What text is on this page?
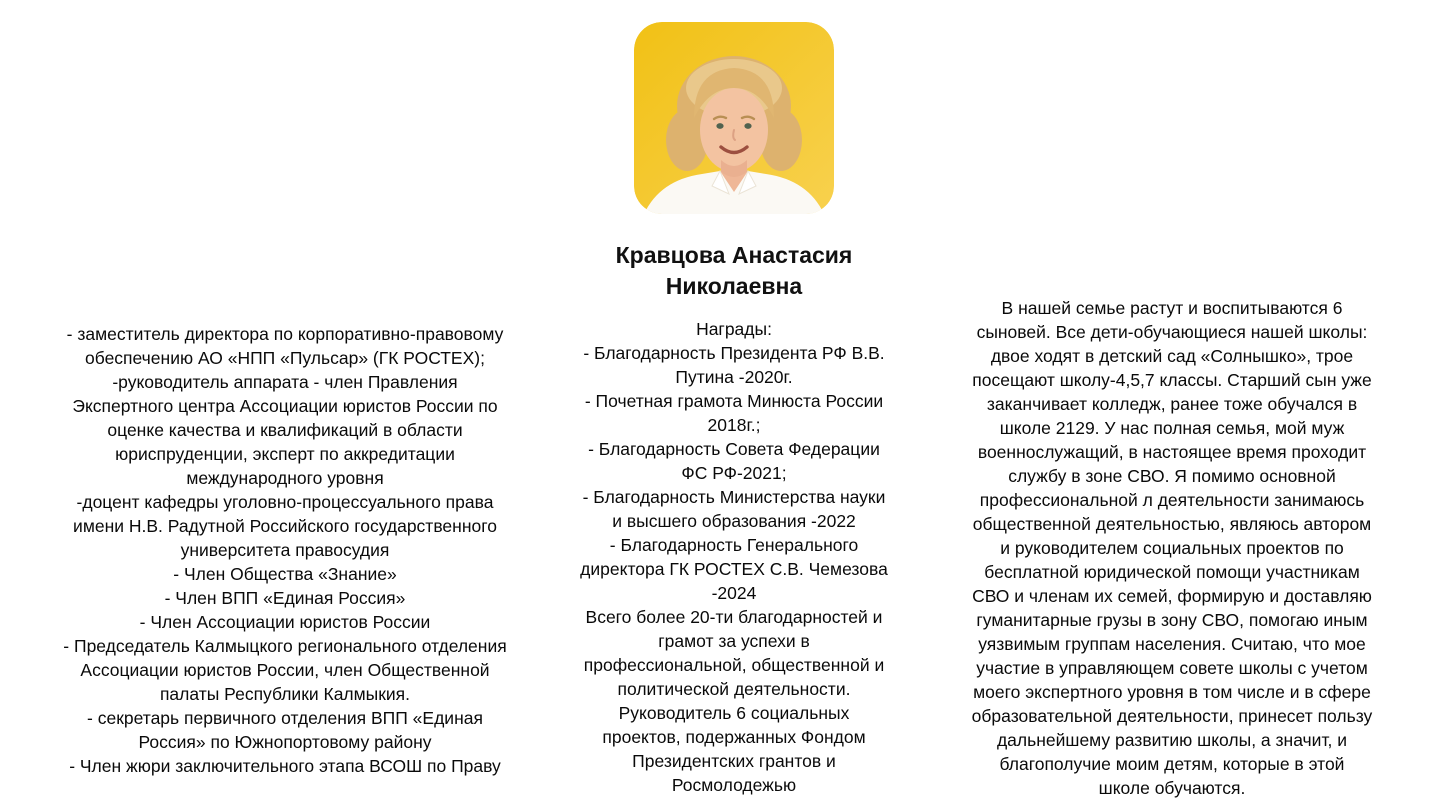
- заместитель директора по корпоративно-правовому
обеспечению АО «НПП «Пульсар» (ГК РОСТЕХ);
-руководитель аппарата - член Правления
Экспертного центра Ассоциации юристов России по
оценке качества и квалификаций в области
юриспруденции, эксперт по аккредитации
международного уровня
-доцент кафедры уголовно-процессуального права
имени Н.В. Радутной Российского государственного
университета правосудия
- Член Общества «Знание»
- Член ВПП «Единая Россия»
- Член Ассоциации юристов России
- Председатель Калмыцкого регионального отделения
Ассоциации юристов России, член Общественной
палаты Республики Калмыкия.
- секретарь первичного отделения ВПП «Единая
Россия» по Южнопортовому району
- Член жюри заключительного этапа ВСОШ по Праву
Кравцова Анастасия Николаевна
Награды:
- Благодарность Президента РФ В.В.
Путина -2020г.
- Почетная грамота Минюста России
2018г.;
- Благодарность Совета Федерации
ФС РФ-2021;
- Благодарность Министерства науки
и высшего образования -2022
- Благодарность Генерального
директора ГК РОСТЕХ С.В. Чемезова
-2024
Всего более 20-ти благодарностей и
грамот за успехи в
профессиональной, общественной и
политической деятельности.
Руководитель 6 социальных
проектов, подержанных Фондом
Президентских грантов и
Росмолодежью
В нашей семье растут и воспитываются 6
сыновей. Все дети-обучающиеся нашей школы:
двое ходят в детский сад «Солнышко», трое
посещают школу-4,5,7 классы. Старший сын уже
заканчивает колледж, ранее тоже обучался в
школе 2129. У нас полная семья, мой муж
военнослужащий, в настоящее время проходит
службу в зоне СВО. Я помимо основной
профессиональной л деятельности занимаюсь
общественной деятельностью, являюсь автором
и руководителем социальных проектов по
бесплатной юридической помощи участникам
СВО и членам их семей, формирую и доставляю
гуманитарные грузы в зону СВО, помогаю иным
уязвимым группам населения. Считаю, что мое
участие в управляющем совете школы с учетом
моего экспертного уровня в том числе и в сфере
образовательной деятельности, принесет пользу
дальнейшему развитию школы, а значит, и
благополучие моим детям, которые в этой
школе обучаются.
